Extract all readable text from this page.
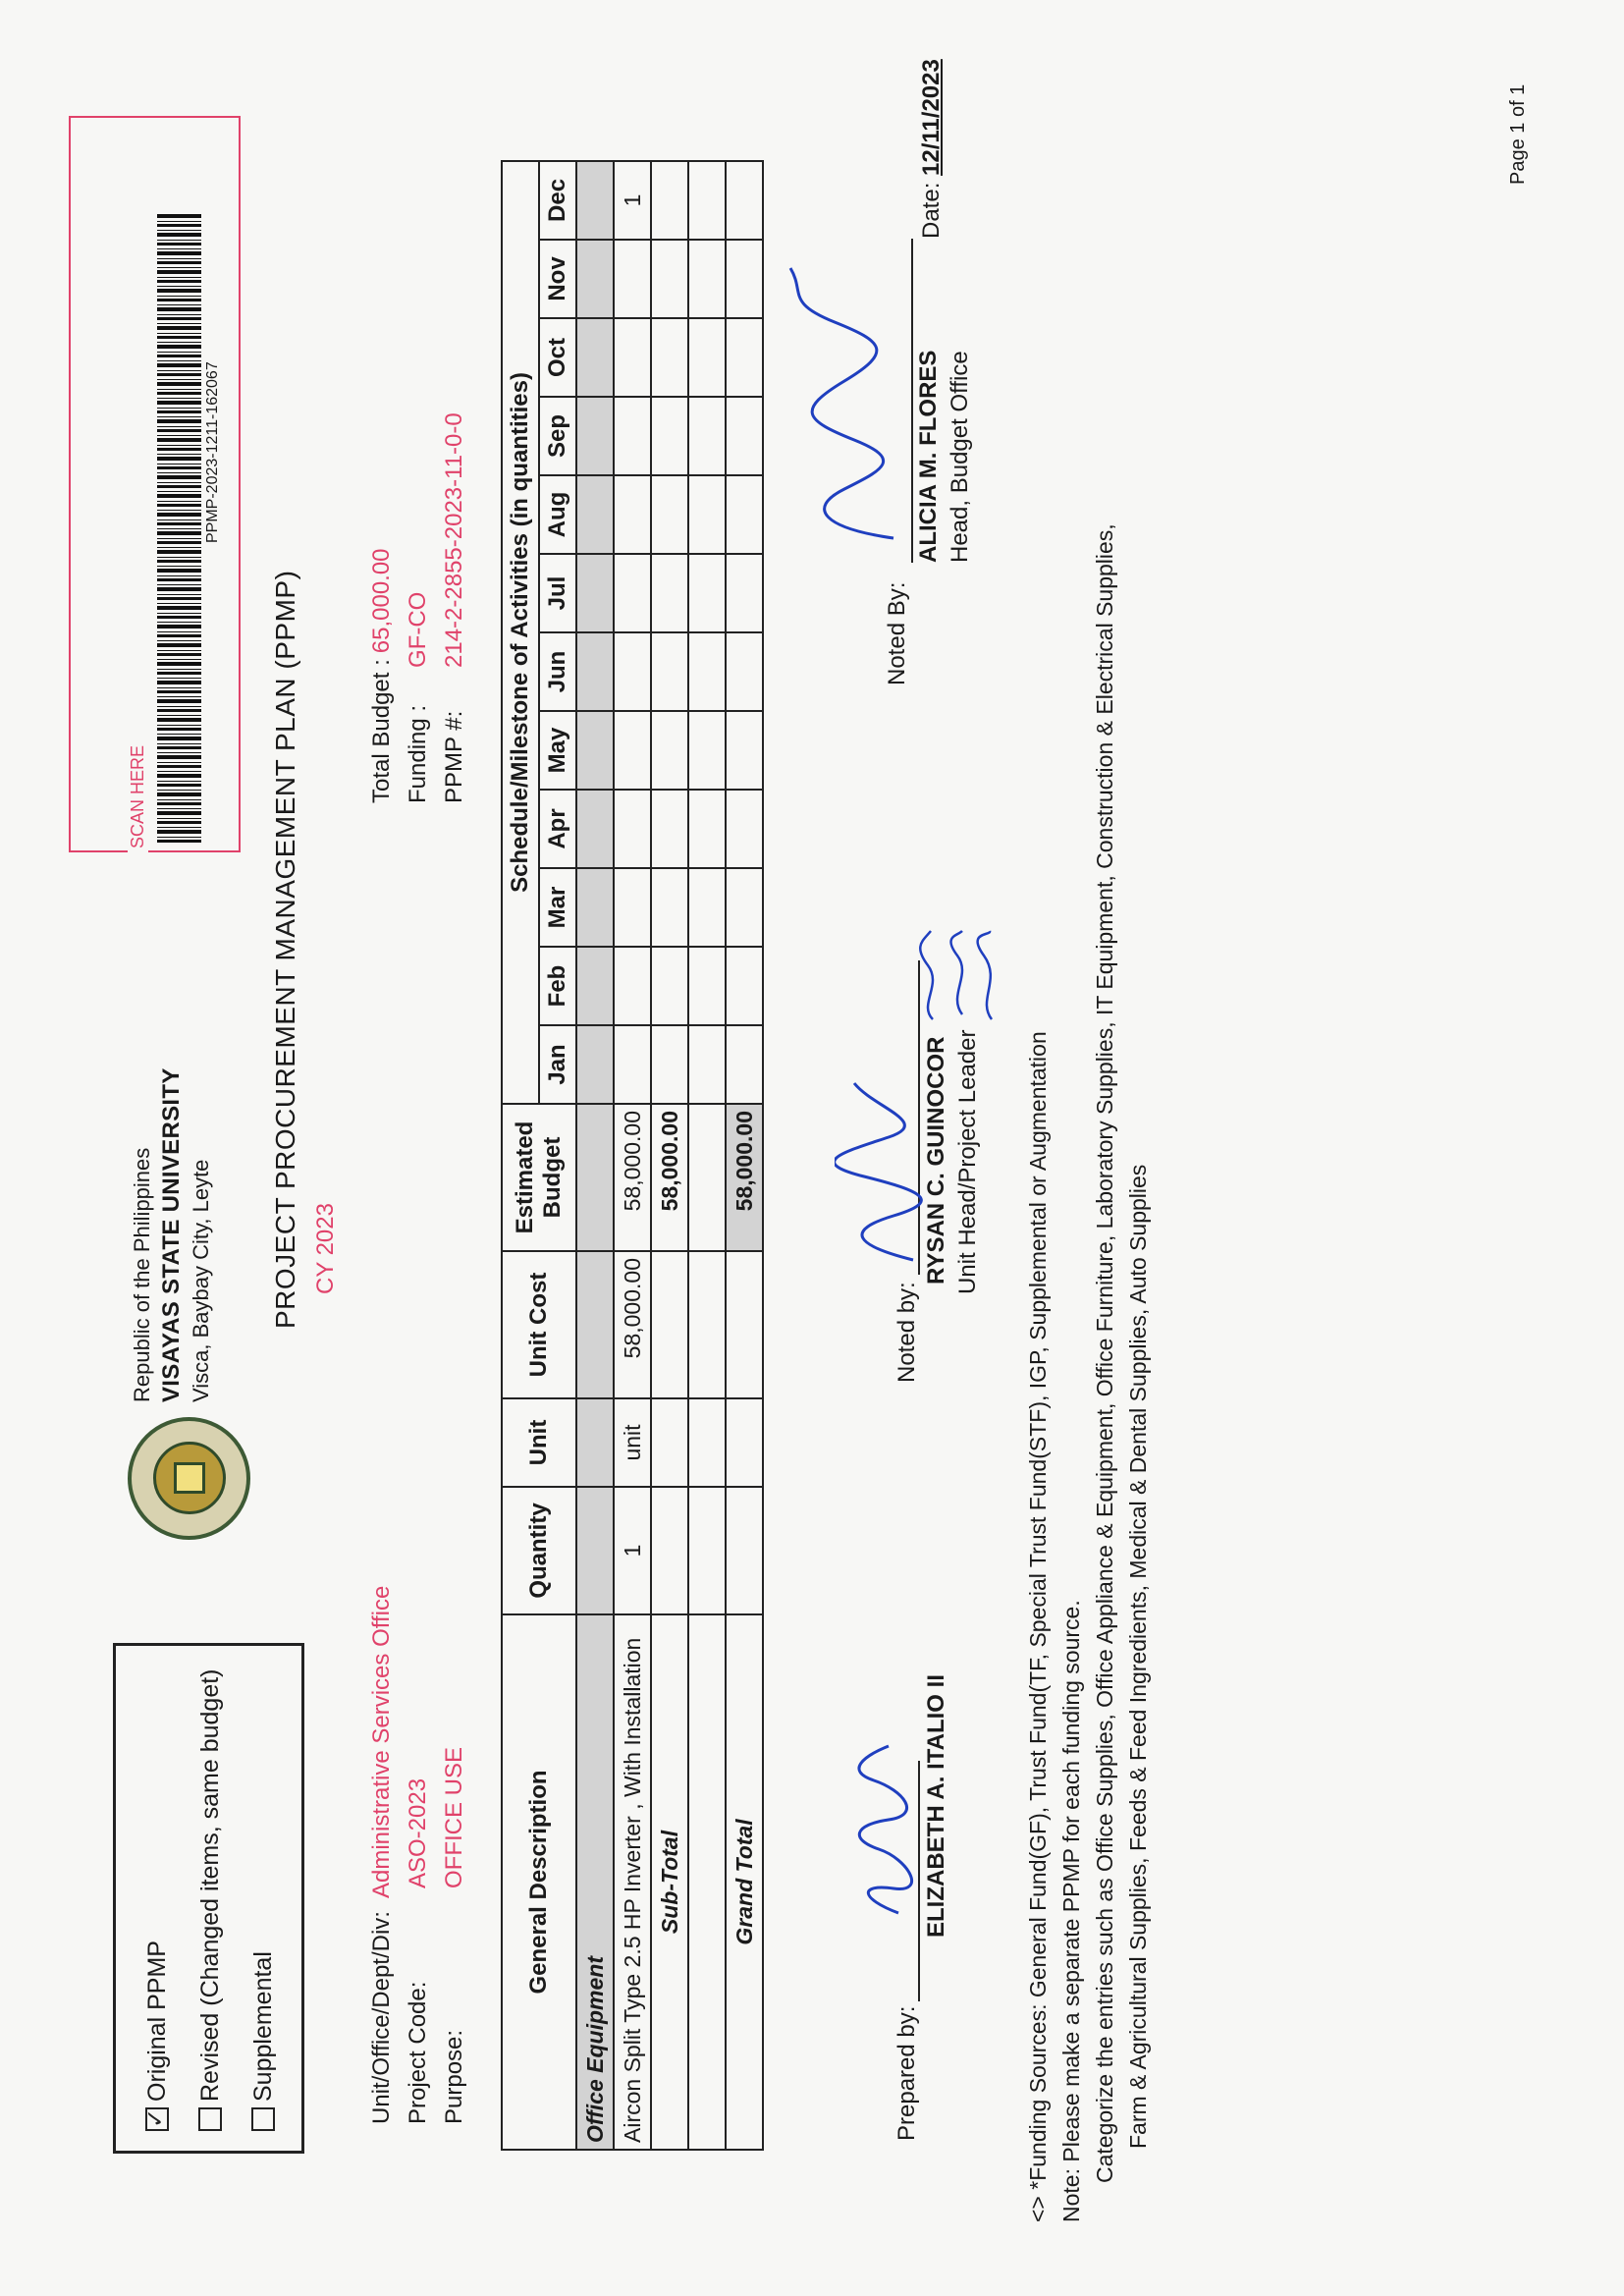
✓
Original PPMP Revised (Changed items, same budget) Supplemental
Republic of the Philippines VISAYAS STATE UNIVERSITY Visca, Baybay City, Leyte PROJECT PROCUREMENT MANAGEMENT PLAN (PPMP) CY 2023
SCAN HERE
PPMP-2023-1211-162067
Unit/Office/Dept/Div:
Administrative Services Office
Project Code:
ASO-2023
Purpose:
OFFICE USE
Total Budget :
65,000.00
Funding :
GF-CO
PPMP #:
214-2-2855-2023-11-0-0
General Description	Quantity	Unit	Unit Cost	Estimated Budget	Schedule/Milestone of Activities (in quantities)											
					Jan	Feb	Mar	Apr	May	Jun	Jul	Aug	Sep	Oct	Nov	Dec
Office Equipment																
Aircon Split Type 2.5 HP Inverter , With Installation	1	unit	58,000.00	58,000.00												1
Sub-Total				58,000.00												

Grand Total				58,000.00												
Prepared by:
ELIZABETH A. ITALIO II
Noted by:
RYSAN C. GUINOCOR Unit Head/Project Leader
Noted By:
ALICIA M. FLORES Head, Budget Office
Date: 12/11/2023
<> *Funding Sources: General Fund(GF), Trust Fund(TF, Special Trust Fund(STF), IGP, Supplemental or Augmentation Note: Please make a separate PPMP for each funding source. Categorize the entries such as Office Supplies, Office Appliance & Equipment, Office Furniture, Laboratory Supplies, IT Equipment, Construction & Electrical Supplies, Farm & Agricultural Supplies, Feeds & Feed Ingredients, Medical & Dental Supplies, Auto Supplies
Page 1 of 1
